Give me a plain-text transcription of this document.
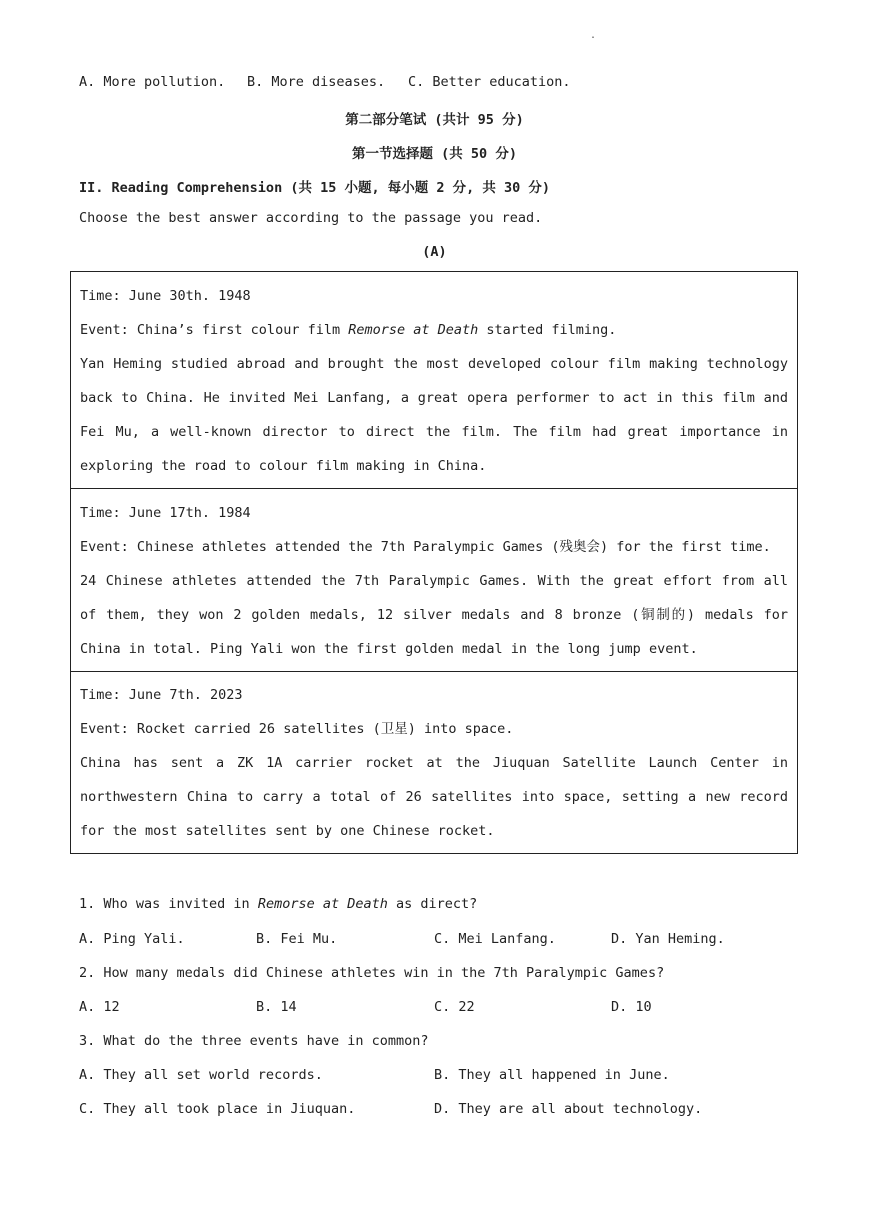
.
A. More pollution. B. More diseases. C. Better education.
第二部分笔试 (共计 95 分)
第一节选择题 (共 50 分)
II. Reading Comprehension (共 15 小题, 每小题 2 分, 共 30 分)
Choose the best answer according to the passage you read.
(A)
Time: June 30th. 1948
Event: China’s first colour film Remorse at Death started filming.
Yan Heming studied abroad and brought the most developed colour film making technology back to China. He invited Mei Lanfang, a great opera performer to act in this film and Fei Mu, a well-known director to direct the film. The film had great importance in exploring the road to colour film making in China.
Time: June 17th. 1984
Event: Chinese athletes attended the 7th Paralympic Games (残奥会) for the first time.
24 Chinese athletes attended the 7th Paralympic Games. With the great effort from all of them, they won 2 golden medals, 12 silver medals and 8 bronze (铜制的) medals for China in total. Ping Yali won the first golden medal in the long jump event.
Time: June 7th. 2023
Event: Rocket carried 26 satellites (卫星) into space.
China has sent a ZK 1A carrier rocket at the Jiuquan Satellite Launch Center in northwestern China to carry a total of 26 satellites into space, setting a new record for the most satellites sent by one Chinese rocket.
1. Who was invited in Remorse at Death as direct?
A. Ping Yali.	B. Fei Mu.	C. Mei Lanfang.	D. Yan Heming.
2. How many medals did Chinese athletes win in the 7th Paralympic Games?
A. 12	B. 14	C. 22	D. 10
3. What do the three events have in common?
A. They all set world records.	B. They all happened in June.
C. They all took place in Jiuquan.	D. They are all about technology.
